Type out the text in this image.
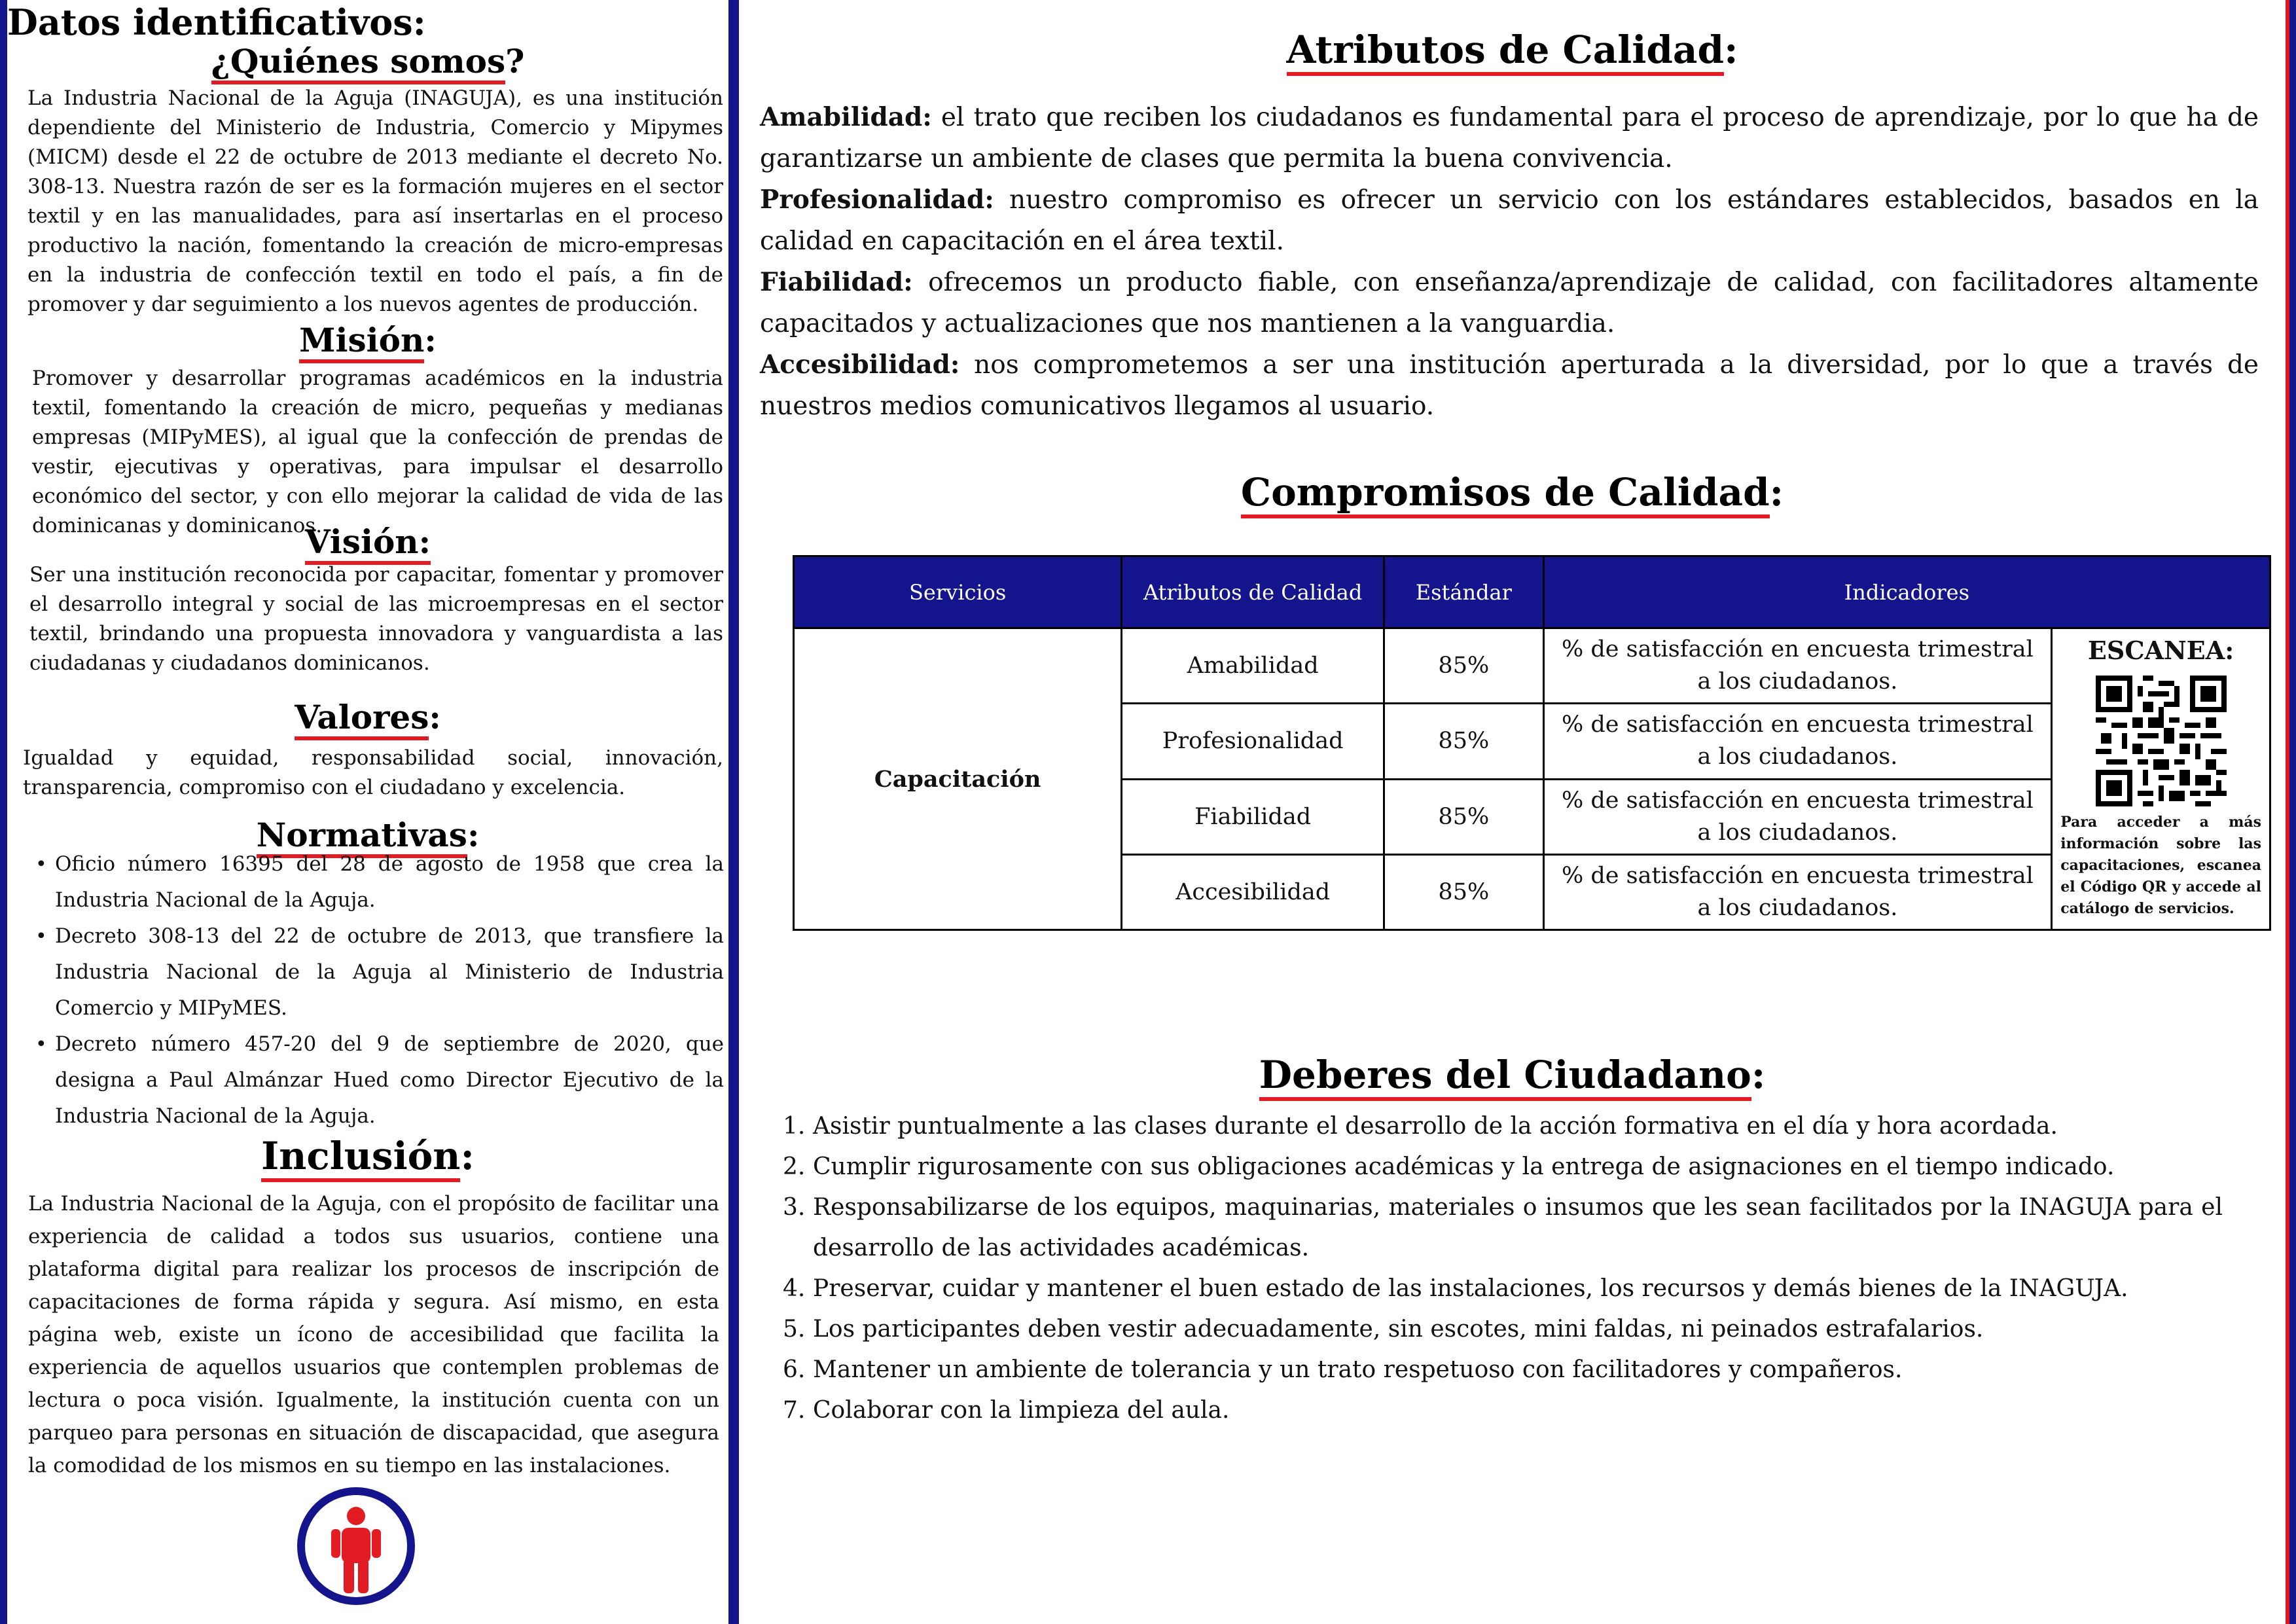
Datos identificativos:
¿Quiénes somos?

La Industria Nacional de la Aguja (INAGUJA), es una institución dependiente del Ministerio de Industria, Comercio y Mipymes (MICM) desde el 22 de octubre de 2013 mediante el decreto No. 308-13. Nuestra razón de ser es la formación mujeres en el sector textil y en las manualidades, para así insertarlas en el proceso productivo la nación, fomentando la creación de micro-empresas en la industria de confección textil en todo el país, a fin de promover y dar seguimiento a los nuevos agentes de producción.

Misión:

Promover y desarrollar programas académicos en la industria textil, fomentando la creación de micro, pequeñas y medianas empresas (MIPyMES), al igual que la confección de prendas de vestir, ejecutivas y operativas, para impulsar el desarrollo económico del sector, y con ello mejorar la calidad de vida de las dominicanas y dominicanos.

Visión:

Ser una institución reconocida por capacitar, fomentar y promover el desarrollo integral y social de las microempresas en el sector textil, brindando una propuesta innovadora y vanguardista a las ciudadanas y ciudadanos dominicanos.

Valores:

Igualdad y equidad, responsabilidad social, innovación, transparencia, compromiso con el ciudadano y excelencia.

Normativas:
• Oficio número 16395 del 28 de agosto de 1958 que crea la Industria Nacional de la Aguja.
• Decreto 308-13 del 22 de octubre de 2013, que transfiere la Industria Nacional de la Aguja al Ministerio de Industria Comercio y MIPyMES.
• Decreto número 457-20 del 9 de septiembre de 2020, que designa a Paul Almánzar Hued como Director Ejecutivo de la Industria Nacional de la Aguja.
Inclusión:

La Industria Nacional de la Aguja, con el propósito de facilitar una experiencia de calidad a todos sus usuarios, contiene una plataforma digital para realizar los procesos de inscripción de capacitaciones de forma rápida y segura. Así mismo, en esta página web, existe un ícono de accesibilidad que facilita la experiencia de aquellos usuarios que contemplen problemas de lectura o poca visión. Igualmente, la institución cuenta con un parqueo para personas en situación de discapacidad, que asegura la comodidad de los mismos en su tiempo en las instalaciones.

Atributos de Calidad:

Amabilidad: el trato que reciben los ciudadanos es fundamental para el proceso de aprendizaje, por lo que ha de garantizarse un ambiente de clases que permita la buena convivencia.

Profesionalidad: nuestro compromiso es ofrecer un servicio con los estándares establecidos, basados en la calidad en capacitación en el área textil.

Fiabilidad: ofrecemos un producto fiable, con enseñanza/aprendizaje de calidad, con facilitadores altamente capacitados y actualizaciones que nos mantienen a la vanguardia.

Accesibilidad: nos comprometemos a ser una institución aperturada a la diversidad, por lo que a través de nuestros medios comunicativos llegamos al usuario.

Compromisos de Calidad:
Servicios	Atributos de Calidad	Estándar	Indicadores	
Capacitación	Amabilidad	85%	% de satisfacción en encuesta trimestral a los ciudadanos.	ESCANEA:
Para acceder a más información sobre las capacitaciones, escanea el Código QR y accede al catálogo de servicios.

	Profesionalidad	85%	% de satisfacción en encuesta trimestral a los ciudadanos.	
	Fiabilidad	85%	% de satisfacción en encuesta trimestral a los ciudadanos.	
	Accesibilidad	85%	% de satisfacción en encuesta trimestral a los ciudadanos.	
Deberes del Ciudadano:
1. Asistir puntualmente a las clases durante el desarrollo de la acción formativa en el día y hora acordada.
2. Cumplir rigurosamente con sus obligaciones académicas y la entrega de asignaciones en el tiempo indicado.
3. Responsabilizarse de los equipos, maquinarias, materiales o insumos que les sean facilitados por la INAGUJA para el desarrollo de las actividades académicas.
4. Preservar, cuidar y mantener el buen estado de las instalaciones, los recursos y demás bienes de la INAGUJA.
5. Los participantes deben vestir adecuadamente, sin escotes, mini faldas, ni peinados estrafalarios.
6. Mantener un ambiente de tolerancia y un trato respetuoso con facilitadores y compañeros.
7. Colaborar con la limpieza del aula.
